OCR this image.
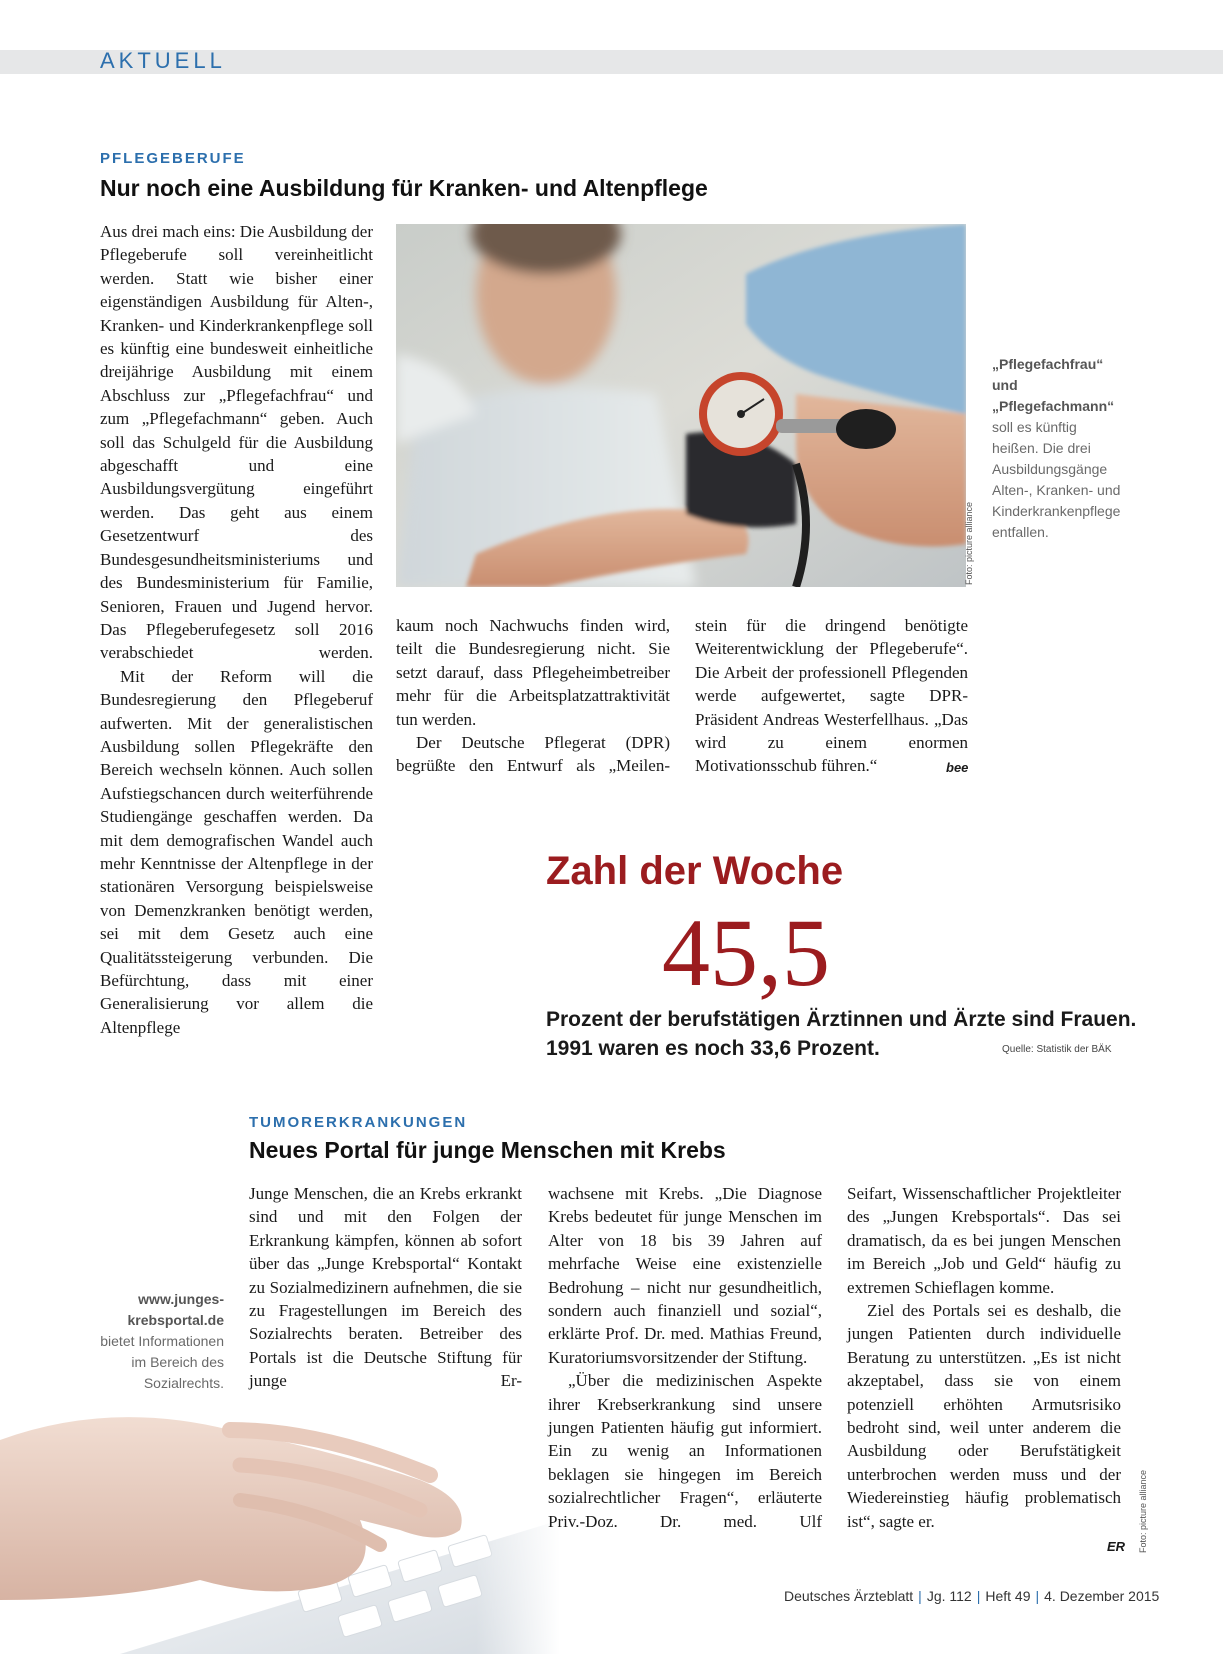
AKTUELL
PFLEGEBERUFE
Nur noch eine Ausbildung für Kranken- und Altenpflege

Aus drei mach eins: Die Ausbildung der Pflegeberufe soll vereinheitlicht werden. Statt wie bisher einer eigenständigen Ausbildung für Alten-, Kranken- und Kinderkrankenpflege soll es künftig eine bundesweit einheitliche dreijährige Ausbildung mit einem Abschluss zur „Pflegefachfrau“ und zum „Pflegefachmann“ geben. Auch soll das Schulgeld für die Ausbildung abgeschafft und eine Ausbildungsvergütung eingeführt werden. Das geht aus einem Gesetzentwurf des Bundesgesundheitsministeriums und des Bundesministerium für Familie, Senioren, Frauen und Jugend hervor. Das Pflegeberufegesetz soll 2016 verabschiedet werden.

Mit der Reform will die Bundesregierung den Pflegeberuf aufwerten. Mit der generalistischen Ausbildung sollen Pflegekräfte den Bereich wechseln können. Auch sollen Aufstiegschancen durch weiterführende Studiengänge geschaffen werden. Da mit dem demografischen Wandel auch mehr Kenntnisse der Altenpflege in der stationären Versorgung beispielsweise von Demenzkranken benötigt werden, sei mit dem Gesetz auch eine Qualitätssteigerung verbunden. Die Befürchtung, dass mit einer Generalisierung vor allem die Altenpflege

Foto: picture alliance
„Pflegefachfrau“ und „Pflegefachmann“ soll es künftig heißen. Die drei Ausbildungsgänge Alten-, Kranken- und Kinderkrankenpflege entfallen.

kaum noch Nachwuchs finden wird, teilt die Bundesregierung nicht. Sie setzt darauf, dass Pflegeheimbetreiber mehr für die Arbeitsplatzattraktivität tun werden.

Der Deutsche Pflegerat (DPR) begrüßte den Entwurf als „Meilen-

stein für die dringend benötigte Weiterentwicklung der Pflegeberufe“. Die Arbeit der professionell Pflegenden werde aufgewertet, sagte DPR-Präsident Andreas Westerfellhaus. „Das wird zu einem enormen Motivationsschub führen.“	bee
Zahl der Woche
45,5
Prozent der berufstätigen Ärztinnen und Ärzte sind Frauen.
1991 waren es noch 33,6 Prozent.	Quelle: Statistik der BÄK
TUMORERKRANKUNGEN
Neues Portal für junge Menschen mit Krebs
www.junges-krebsportal.de
bietet Informationen im Bereich des Sozialrechts.

Junge Menschen, die an Krebs erkrankt sind und mit den Folgen der Erkrankung kämpfen, können ab sofort über das „Junge Krebsportal“ Kontakt zu Sozialmedizinern aufnehmen, die sie zu Fragestellungen im Bereich des Sozialrechts beraten. Betreiber des Portals ist die Deutsche Stiftung für junge Er-

wachsene mit Krebs. „Die Diagnose Krebs bedeutet für junge Menschen im Alter von 18 bis 39 Jahren auf mehrfache Weise eine existenzielle Bedrohung – nicht nur gesundheitlich, sondern auch finanziell und sozial“, erklärte Prof. Dr. med. Mathias Freund, Kuratoriumsvorsitzender der Stiftung.

„Über die medizinischen Aspekte ihrer Krebserkrankung sind unsere jungen Patienten häufig gut informiert. Ein zu wenig an Informationen beklagen sie hingegen im Bereich sozialrechtlicher Fragen“, erläuterte Priv.-Doz. Dr. med. Ulf

Seifart, Wissenschaftlicher Projektleiter des „Jungen Krebsportals“. Das sei dramatisch, da es bei jungen Menschen im Bereich „Job und Geld“ häufig zu extremen Schieflagen komme.

Ziel des Portals sei es deshalb, die jungen Patienten durch individuelle Beratung zu unterstützen. „Es ist nicht akzeptabel, dass sie von einem potenziell erhöhten Armutsrisiko bedroht sind, weil unter anderem die Ausbildung oder Berufstätigkeit unterbrochen werden muss und der Wiedereinstieg häufig problematisch ist“, sagte er.

ER Foto: picture alliance
Deutsches Ärzteblatt | Jg. 112 | Heft 49 | 4. Dezember 2015
